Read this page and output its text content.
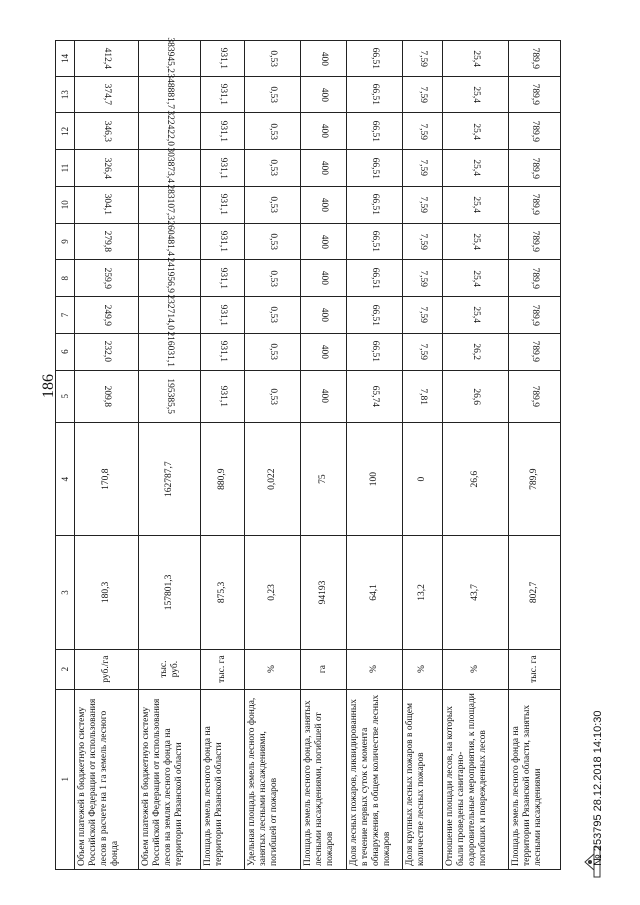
186
1	2	3	4	5	6	7	8	9	10	11	12	13	14
Объем платежей в бюджетную систему Российской Федерации от использования лесов в расчете на 1 га земель лесного фонда	руб./га	180,3	170,8	209,8	232,0	249,9	259,9	279,8	304,1	326,4	346,3	374,7	412,4
Объем платежей в бюджетную систему Российской Федерации от использования лесов на землях лесного фонда на территории Рязанской области	тыс. руб.	157801,3	162787,7	195385,5	216031,1	232714,0	241956,9	260481,4	283107,3	303873,4	322422,0	348881,7	383945,2
Площадь земель лесного фонда на территории Рязанской области	тыс. га	875,3	880,9	931,1	931,1	931,1	931,1	931,1	931,1	931,1	931,1	931,1	931,1
Удельная площадь земель лесного фонда, занятых лесными насаждениями, погибшей от пожаров	%	0,23	0,022	0,53	0,53	0,53	0,53	0,53	0,53	0,53	0,53	0,53	0,53
Площадь земель лесного фонда, занятых лесными насаждениями, погибшей от пожаров	га	94193	75	400	400	400	400	400	400	400	400	400	400
Доля лесных пожаров, ликвидированных в течение первых суток с момента обнаружения, в общем количестве лесных пожаров	%	64,1	100	65,74	66,51	66,51	66,51	66,51	66,51	66,51	66,51	66,51	66,51
Доля крупных лесных пожаров в общем количестве лесных пожаров	%	13,2	0	7,81	7,59	7,59	7,59	7,59	7,59	7,59	7,59	7,59	7,59
Отношение площади лесов, на которых были проведены санитарно-оздоровительные мероприятия, к площади погибших и поврежденных лесов	%	43,7	26,6	26,6	26,2	25,4	25,4	25,4	25,4	25,4	25,4	25,4	25,4
Площадь земель лесного фонда на территории Рязанской области, занятых лесными насаждениями	тыс. га	802,7	789,9	789,9	789,9	789,9	789,9	789,9	789,9	789,9	789,9	789,9	789,9
№ 253795 28.12.2018 14:10:30
